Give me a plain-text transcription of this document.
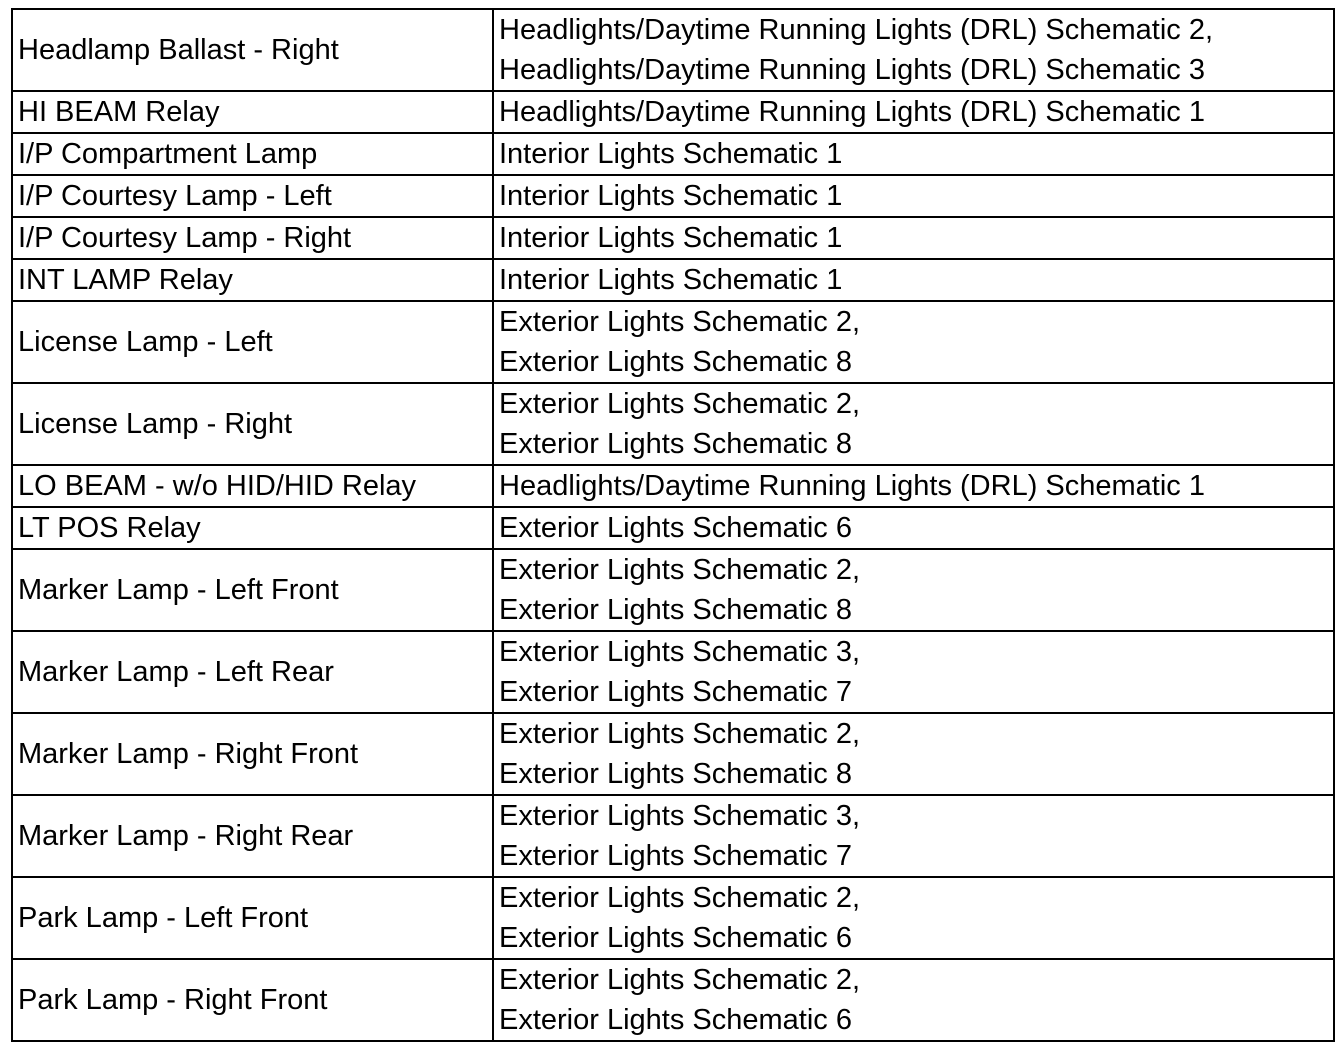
Headlamp Ballast - Right	Headlights/Daytime Running Lights (DRL) Schematic 2,
Headlights/Daytime Running Lights (DRL) Schematic 3

HI BEAM Relay	Headlights/Daytime Running Lights (DRL) Schematic 1

I/P Compartment Lamp	Interior Lights Schematic 1

I/P Courtesy Lamp - Left	Interior Lights Schematic 1

I/P Courtesy Lamp - Right	Interior Lights Schematic 1

INT LAMP Relay	Interior Lights Schematic 1

License Lamp - Left	Exterior Lights Schematic 2,
Exterior Lights Schematic 8

License Lamp - Right	Exterior Lights Schematic 2,
Exterior Lights Schematic 8

LO BEAM - w/o HID/HID Relay	Headlights/Daytime Running Lights (DRL) Schematic 1

LT POS Relay	Exterior Lights Schematic 6

Marker Lamp - Left Front	Exterior Lights Schematic 2,
Exterior Lights Schematic 8

Marker Lamp - Left Rear	Exterior Lights Schematic 3,
Exterior Lights Schematic 7

Marker Lamp - Right Front	Exterior Lights Schematic 2,
Exterior Lights Schematic 8

Marker Lamp - Right Rear	Exterior Lights Schematic 3,
Exterior Lights Schematic 7

Park Lamp - Left Front	Exterior Lights Schematic 2,
Exterior Lights Schematic 6

Park Lamp - Right Front	Exterior Lights Schematic 2,
Exterior Lights Schematic 6
